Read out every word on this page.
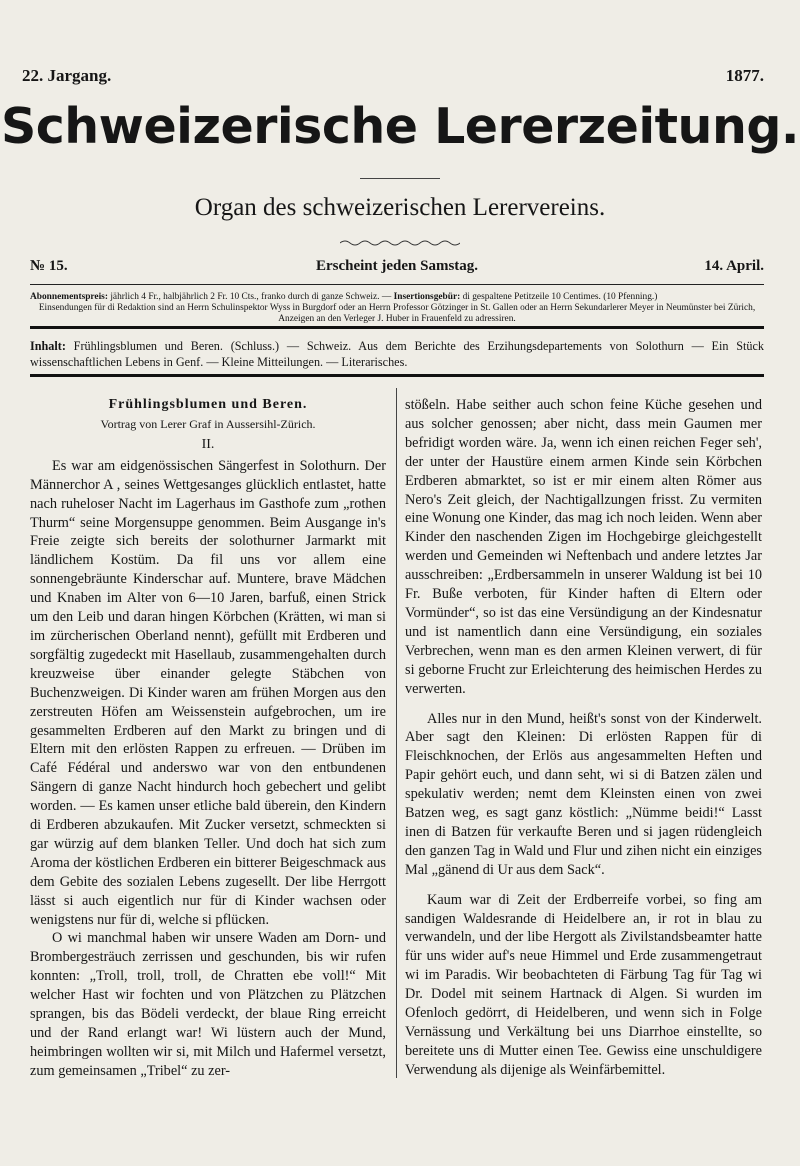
22. Jargang.	1877.
Schweizerische Lererzeitung.
Organ des schweizerischen Lerervereins.
№ 15.	Erscheint jeden Samstag.	14. April.
Abonnementspreis: jährlich 4 Fr., halbjährlich 2 Fr. 10 Cts., franko durch di ganze Schweiz. — Insertionsgebür: di gespaltene Petitzeile 10 Centimes. (10 Pfenning.)
Einsendungen für di Redaktion sind an Herrn Schulinspektor Wyss in Burgdorf oder an Herrn Professor Götzinger in St. Gallen oder an Herrn Sekundarlerer Meyer in Neumünster bei Zürich, Anzeigen an den Verleger J. Huber in Frauenfeld zu adressiren.
Inhalt: Frühlingsblumen und Beren. (Schluss.) — Schweiz. Aus dem Berichte des Erzihungsdepartements von Solothurn — Ein Stück wissenschaftlichen Lebens in Genf. — Kleine Mitteilungen. — Literarisches.

Frühlingsblumen und Beren.

Vortrag von Lerer Graf in Aussersihl-Zürich.

II.

Es war am eidgenössischen Sängerfest in Solothurn. Der Männerchor A , seines Wettgesanges glücklich entlastet, hatte nach ruheloser Nacht im Lagerhaus im Gasthofe zum „rothen Thurm“ seine Morgensuppe genommen. Beim Ausgange in's Freie zeigte sich bereits der solothurner Jarmarkt mit ländlichem Kostüm. Da fil uns vor allem eine sonnengebräunte Kinderschar auf. Muntere, brave Mädchen und Knaben im Alter von 6—10 Jaren, barfuß, einen Strick um den Leib und daran hingen Körbchen (Krätten, wi man si im zürcherischen Oberland nennt), gefüllt mit Erdberen und sorgfältig zugedeckt mit Hasellaub, zusammengehalten durch kreuzweise über einander gelegte Stäbchen von Buchenzweigen. Di Kinder waren am frühen Morgen aus den zerstreuten Höfen am Weissenstein aufgebrochen, um ire gesammelten Erdberen auf den Markt zu bringen und di Eltern mit den erlösten Rappen zu erfreuen. — Drüben im Café Fédéral und anderswo war von den entbundenen Sängern di ganze Nacht hindurch hoch gebechert und gelibt worden. — Es kamen unser etliche bald überein, den Kindern di Erdberen abzukaufen. Mit Zucker versetzt, schmeckten si gar würzig auf dem blanken Teller. Und doch hat sich zum Aroma der köstlichen Erdberen ein bitterer Beigeschmack aus dem Gebite des sozialen Lebens zugesellt. Der libe Herrgott lässt si auch eigentlich nur für di Kinder wachsen oder wenigstens nur für di, welche si pflücken.

O wi manchmal haben wir unsere Waden am Dorn- und Brombergesträuch zerrissen und geschunden, bis wir rufen konnten: „Troll, troll, troll, de Chratten ebe voll!“ Mit welcher Hast wir fochten und von Plätzchen zu Plätzchen sprangen, bis das Bödeli verdeckt, der blaue Ring erreicht und der Rand erlangt war! Wi lüstern auch der Mund, heimbringen wollten wir si, mit Milch und Hafermel versetzt, zum gemeinsamen „Tribel“ zu zer-

stößeln. Habe seither auch schon feine Küche gesehen und aus solcher genossen; aber nicht, dass mein Gaumen mer befridigt worden wäre. Ja, wenn ich einen reichen Feger seh', der unter der Haustüre einem armen Kinde sein Körbchen Erdberen abmarktet, so ist er mir einem alten Römer aus Nero's Zeit gleich, der Nachtigallzungen frisst. Zu vermiten eine Wonung one Kinder, das mag ich noch leiden. Wenn aber Kinder den naschenden Zigen im Hochgebirge gleichgestellt werden und Gemeinden wi Neftenbach und andere letztes Jar ausschreiben: „Erdbersammeln in unserer Waldung ist bei 10 Fr. Buße verboten, für Kinder haften di Eltern oder Vormünder“, so ist das eine Versündigung an der Kindesnatur und ist namentlich dann eine Versündigung, ein soziales Verbrechen, wenn man es den armen Kleinen verwert, di für si geborne Frucht zur Erleichterung des heimischen Herdes zu verwerten.

Alles nur in den Mund, heißt's sonst von der Kinderwelt. Aber sagt den Kleinen: Di erlösten Rappen für di Fleischknochen, der Erlös aus angesammelten Heften und Papir gehört euch, und dann seht, wi si di Batzen zälen und spekulativ werden; nemt dem Kleinsten einen von zwei Batzen weg, es sagt ganz köstlich: „Nümme beidi!“ Lasst inen di Batzen für verkaufte Beren und si jagen rüdengleich den ganzen Tag in Wald und Flur und zihen nicht ein einziges Mal „gänend di Ur aus dem Sack“.

Kaum war di Zeit der Erdberreife vorbei, so fing am sandigen Waldesrande di Heidelbere an, ir rot in blau zu verwandeln, und der libe Hergott als Zivilstandsbeamter hatte für uns wider auf's neue Himmel und Erde zusammengetraut wi im Paradis. Wir beobachteten di Färbung Tag für Tag wi Dr. Dodel mit seinem Hartnack di Algen. Si wurden im Ofenloch gedörrt, di Heidelberen, und wenn sich in Folge Vernässung und Verkältung bei uns Diarrhoe einstellte, so bereitete uns di Mutter einen Tee. Gewiss eine unschuldigere Verwendung als dijenige als Weinfärbemittel.
